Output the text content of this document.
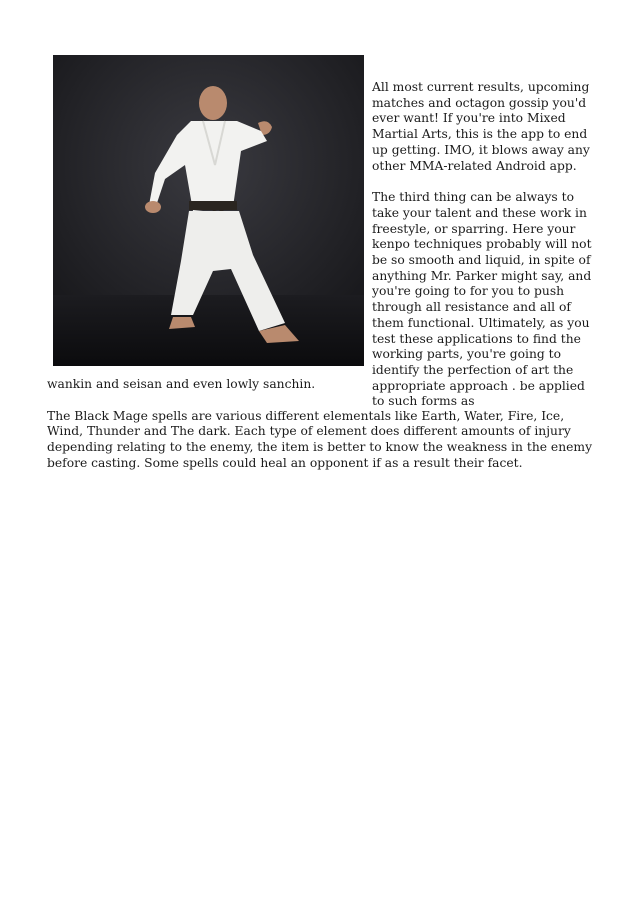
All most current results, upcoming matches and octagon gossip you'd ever want! If you're into Mixed Martial Arts, this is the app to end up getting. IMO, it blows away any other MMA-related Android app.

The third thing can be always to take your talent and these work in freestyle, or sparring. Here your kenpo techniques probably will not be so smooth and liquid, in spite of anything Mr. Parker might say, and you're going to for you to push through all resistance and all of them functional. Ultimately, as you test these applications to find the working parts, you're going to identify the perfection of art the appropriate approach . be applied to such forms as

wankin and seisan and even lowly sanchin.

The Black Mage spells are various different elementals like Earth, Water, Fire, Ice, Wind, Thunder and The dark. Each type of element does different amounts of injury depending relating to the enemy, the item is better to know the weakness in the enemy before casting. Some spells could heal an opponent if as a result their facet.
